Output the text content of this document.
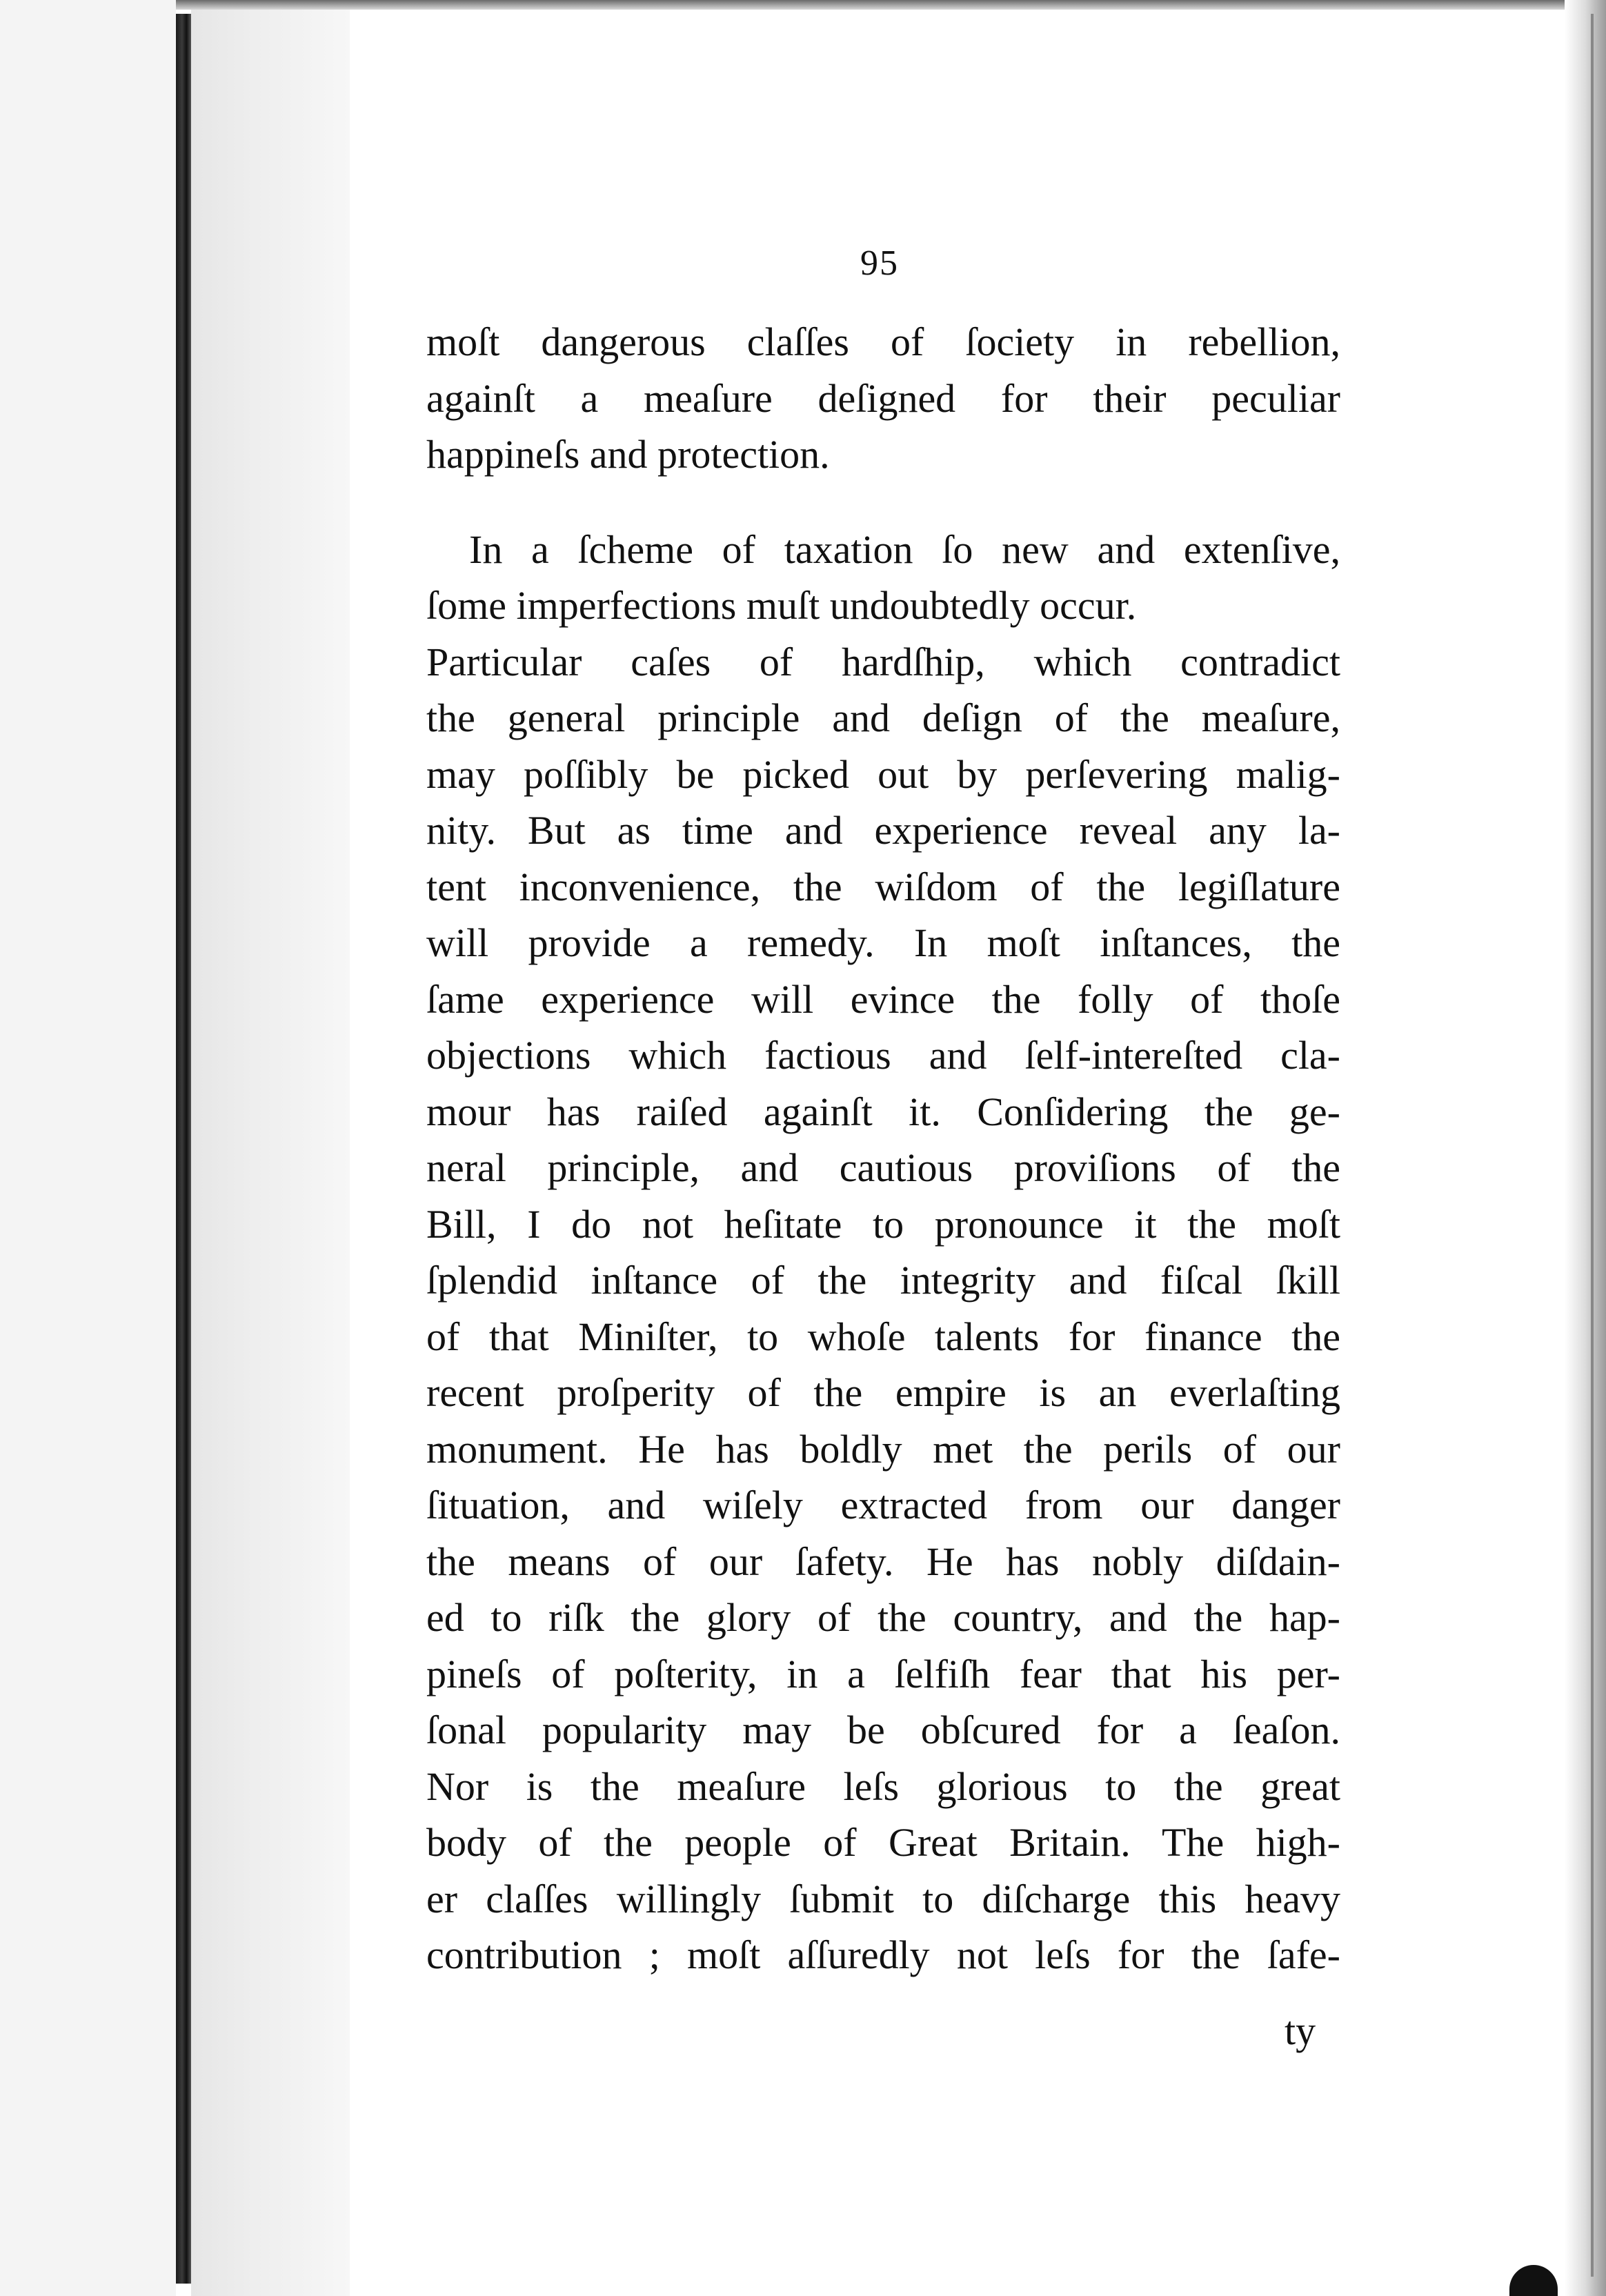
95
moſt dangerous claſſes of ſociety in rebellion,
againſt a meaſure deſigned for their peculiar
happineſs and protection.
In a ſcheme of taxation ſo new and extenſive,
ſome imperfections muſt undoubtedly occur.
Particular caſes of hardſhip, which contradict
the general principle and deſign of the meaſure,
may poſſibly be picked out by perſevering malig-
nity. But as time and experience reveal any la-
tent inconvenience, the wiſdom of the legiſlature
will provide a remedy. In moſt inſtances, the
ſame experience will evince the folly of thoſe
objections which factious and ſelf-intereſted cla-
mour has raiſed againſt it. Conſidering the ge-
neral principle, and cautious proviſions of the
Bill, I do not heſitate to pronounce it the moſt
ſplendid inſtance of the integrity and fiſcal ſkill
of that Miniſter, to whoſe talents for finance the
recent proſperity of the empire is an everlaſting
monument. He has boldly met the perils of our
ſituation, and wiſely extracted from our danger
the means of our ſafety. He has nobly diſdain-
ed to riſk the glory of the country, and the hap-
pineſs of poſterity, in a ſelfiſh fear that his per-
ſonal popularity may be obſcured for a ſeaſon.
Nor is the meaſure leſs glorious to the great
body of the people of Great Britain. The high-
er claſſes willingly ſubmit to diſcharge this heavy
contribution ; moſt aſſuredly not leſs for the ſafe-
ty
